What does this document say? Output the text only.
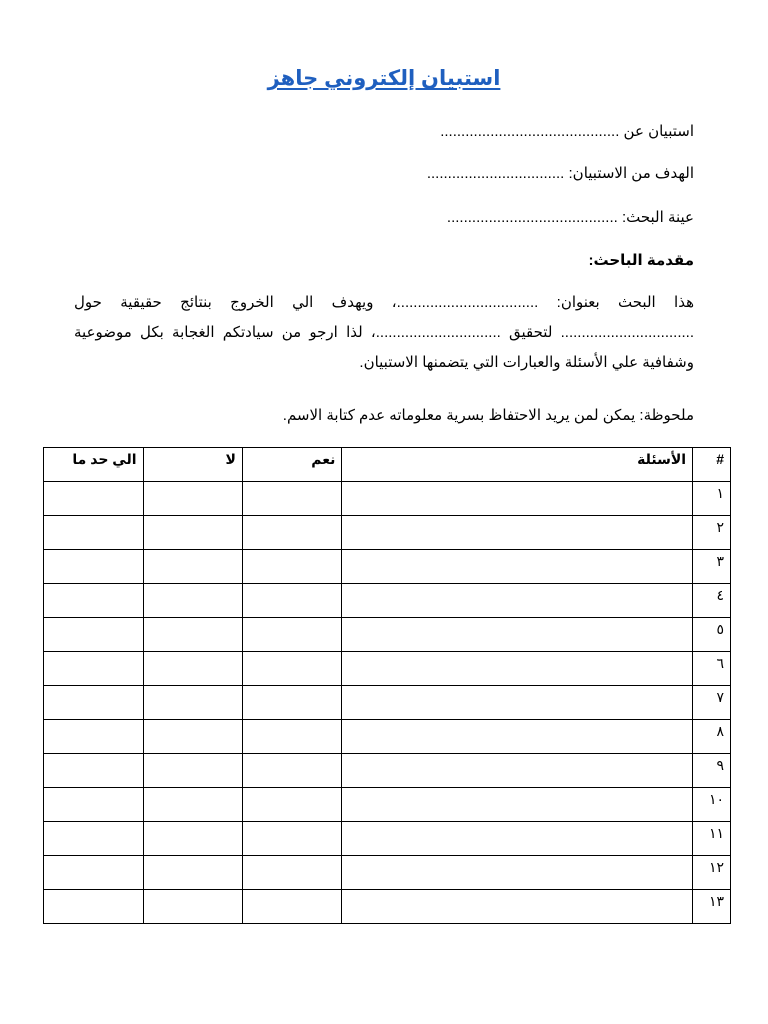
استبيان إلكتروني جاهز
استبيان عن ...........................................
الهدف من الاستبيان: .................................
عينة البحث: .........................................
مقدمة الباحث:
هذا البحث بعنوان: ..................................، ويهدف الي الخروج بنتائج حقيقية حول ................................ لتحقيق ..............................، لذا ارجو من سيادتكم الغجابة بكل موضوعية وشفافية علي الأسئلة والعبارات التي يتضمنها الاستبيان.
ملحوظة: يمكن لمن يريد الاحتفاظ بسرية معلوماته عدم كتابة الاسم.
#	الأسئلة	نعم	لا	الي حد ما
١				
٢				
٣				
٤				
٥				
٦				
٧				
٨				
٩				
١٠				
١١				
١٢				
١٣				
